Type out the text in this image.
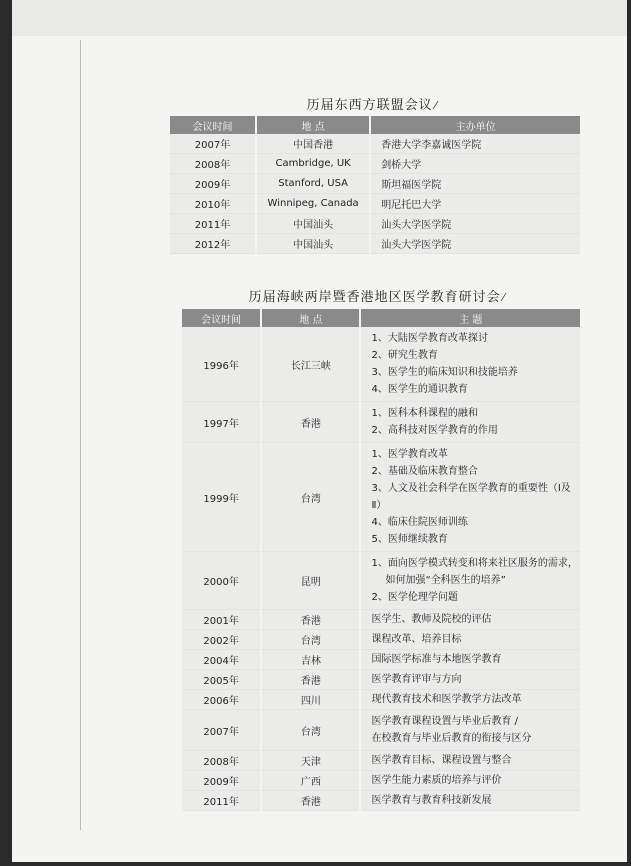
历届东西方联盟会议 ⁄
会议时间	地 点	主办单位
2007年	中国香港	香港大学李嘉诚医学院
2008年	Cambridge, UK	剑桥大学
2009年	Stanford, USA	斯坦福医学院
2010年	Winnipeg, Canada	明尼托巴大学
2011年	中国汕头	汕头大学医学院
2012年	中国汕头	汕头大学医学院
历届海峡两岸暨香港地区医学教育研讨会 ⁄
会议时间	地 点	主 题
1996年	长江三峡	1、大陆医学教育改革探讨
2、研究生教育
3、医学生的临床知识和技能培养
4、医学生的通识教育

1997年	香港	1、医科本科课程的融和
2、高科技对医学教育的作用

1999年	台湾	1、医学教育改革
2、基础及临床教育整合
3、人文及社会科学在医学教育的重要性（Ⅰ及Ⅱ）
4、临床住院医师训练
5、医师继续教育

2000年	昆明	1、面向医学模式转变和将来社区服务的需求，
如何加强“全科医生的培养”
2、医学伦理学问题

2001年	香港	医学生、教师及院校的评估

2002年	台湾	课程改革、培养目标

2004年	吉林	国际医学标准与本地医学教育

2005年	香港	医学教育评审与方向

2006年	四川	现代教育技术和医学教学方法改革

2007年	台湾	医学教育课程设置与毕业后教育 /
在校教育与毕业后教育的衔接与区分

2008年	天津	医学教育目标、课程设置与整合

2009年	广西	医学生能力素质的培养与评价

2011年	香港	医学教育与教育科技新发展
